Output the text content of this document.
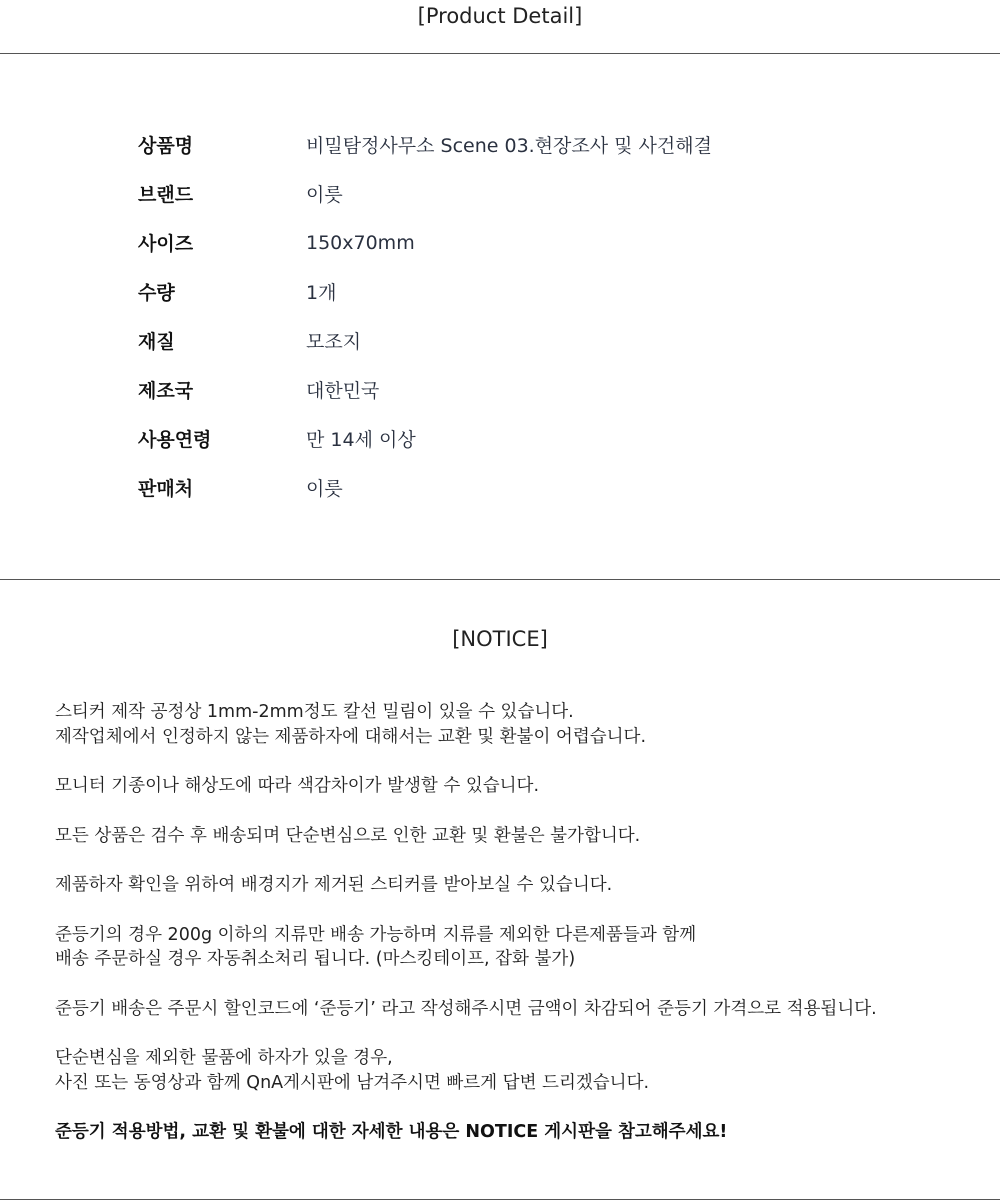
[Product Detail]
상품명	비밀탐정사무소 Scene 03.현장조사 및 사건해결
브랜드	이릇
사이즈	150x70mm
수량	1개
재질	모조지
제조국	대한민국
사용연령	만 14세 이상
판매처	이릇
[NOTICE]

스티커 제작 공정상 1mm-2mm정도 칼선 밀림이 있을 수 있습니다.
제작업체에서 인정하지 않는 제품하자에 대해서는 교환 및 환불이 어렵습니다.

모니터 기종이나 해상도에 따라 색감차이가 발생할 수 있습니다.

모든 상품은 검수 후 배송되며 단순변심으로 인한 교환 및 환불은 불가합니다.

제품하자 확인을 위하여 배경지가 제거된 스티커를 받아보실 수 있습니다.

준등기의 경우 200g 이하의 지류만 배송 가능하며 지류를 제외한 다른제품들과 함께
배송 주문하실 경우 자동취소처리 됩니다. (마스킹테이프, 잡화 불가)

준등기 배송은 주문시 할인코드에 ‘준등기’ 라고 작성해주시면 금액이 차감되어 준등기 가격으로 적용됩니다.

단순변심을 제외한 물품에 하자가 있을 경우,
사진 또는 동영상과 함께 QnA게시판에 남겨주시면 빠르게 답변 드리겠습니다.

준등기 적용방법, 교환 및 환불에 대한 자세한 내용은 NOTICE 게시판을 참고해주세요!
